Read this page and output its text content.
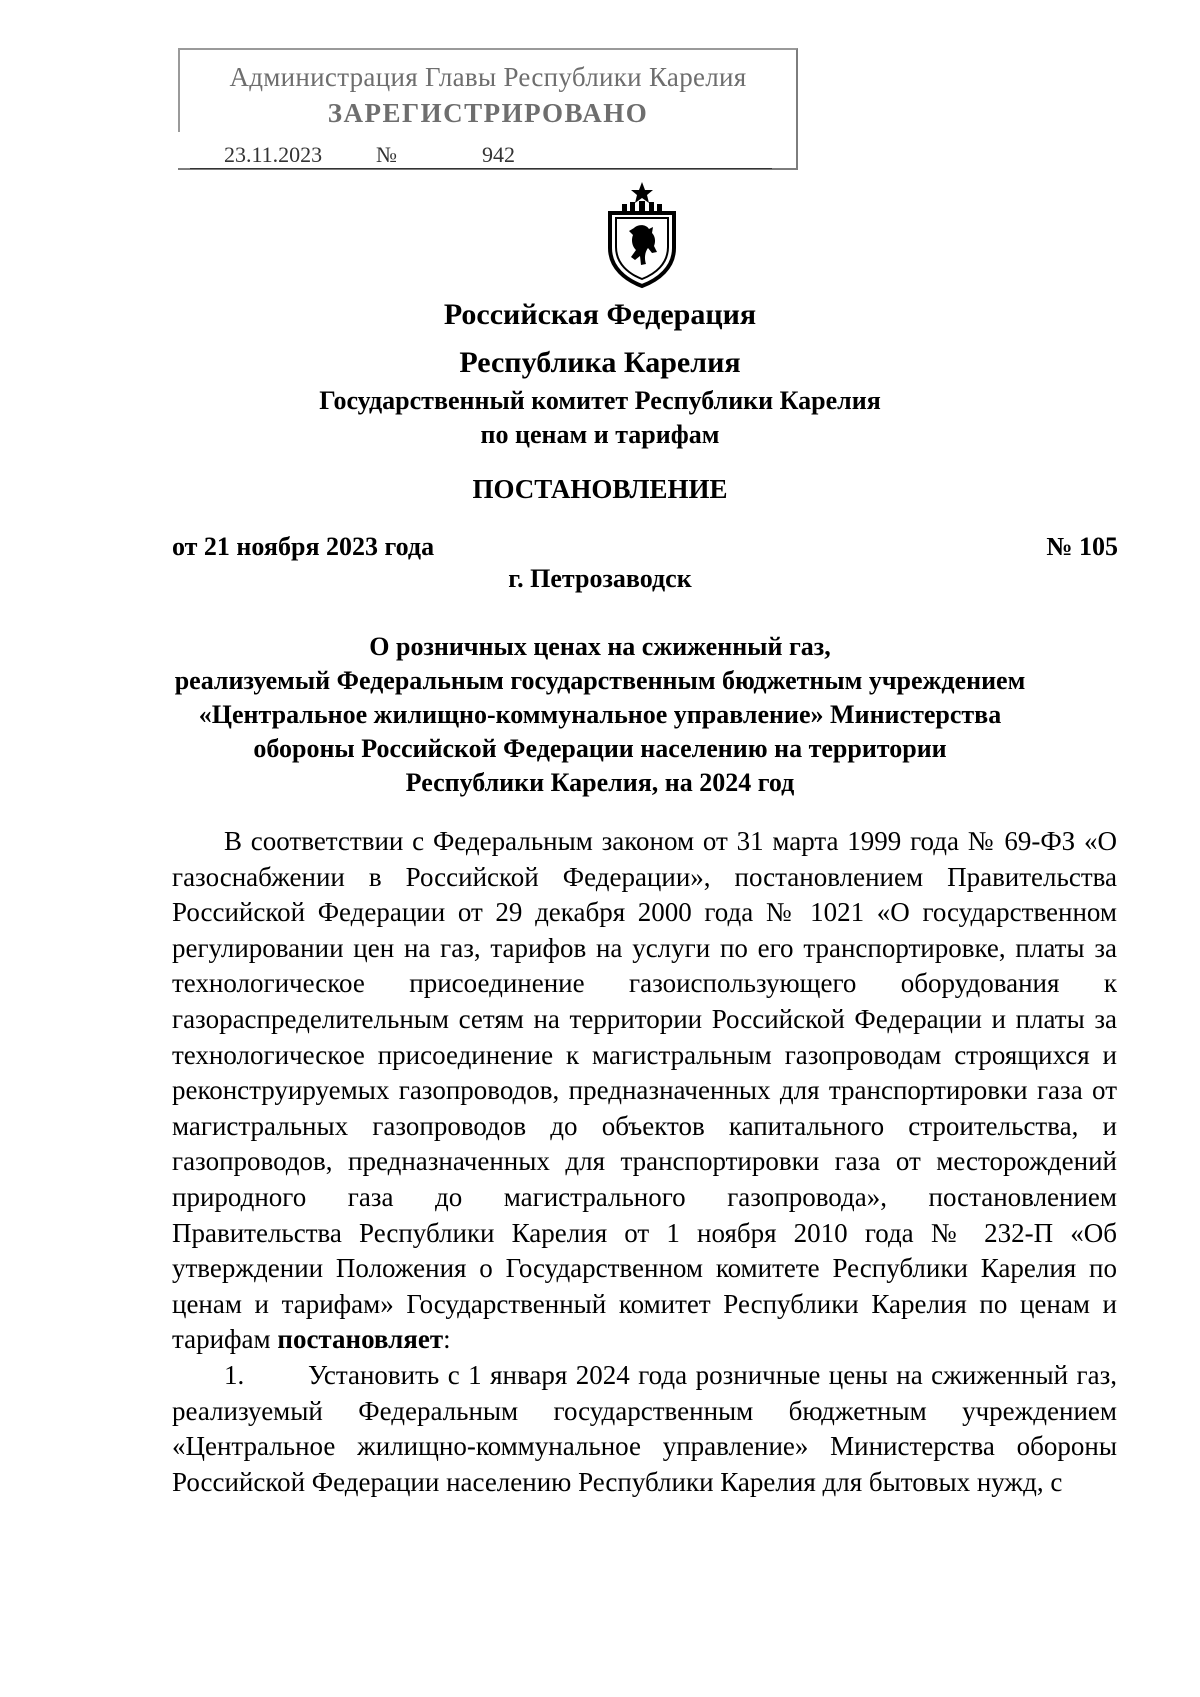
Администрация Главы Республики Карелия
ЗАРЕГИСТРИРОВАНО
23.11.2023 №	942
Российская Федерация
Республика Карелия
Государственный комитет Республики Карелия
по ценам и тарифам
ПОСТАНОВЛЕНИЕ
от 21 ноября 2023 года	№ 105
г. Петрозаводск
О розничных ценах на сжиженный газ,
реализуемый Федеральным государственным бюджетным учреждением
«Центральное жилищно-коммунальное управление» Министерства
обороны Российской Федерации населению на территории
Республики Карелия, на 2024 год

В соответствии с Федеральным законом от 31 марта 1999 года № 69-ФЗ «О газоснабжении в Российской Федерации», постановлением Правительства Российской Федерации от 29 декабря 2000 года № 1021 «О государственном регулировании цен на газ, тарифов на услуги по его транспортировке, платы за технологическое присоединение газоиспользующего оборудования к газораспределительным сетям на территории Российской Федерации и платы за технологическое присоединение к магистральным газопроводам строящихся и реконструируемых газопроводов, предназначенных для транспортировки газа от магистральных газопроводов до объектов капитального строительства, и газопроводов, предназначенных для транспортировки газа от месторождений природного газа до магистрального газопровода», постановлением Правительства Республики Карелия от 1 ноября 2010 года № 232-П «Об утверждении Положения о Государственном комитете Республики Карелия по ценам и тарифам» Государственный комитет Республики Карелия по ценам и тарифам постановляет:

1. Установить с 1 января 2024 года розничные цены на сжиженный газ, реализуемый Федеральным государственным бюджетным учреждением «Центральное жилищно-коммунальное управление» Министерства обороны Российской Федерации населению Республики Карелия для бытовых нужд, с
